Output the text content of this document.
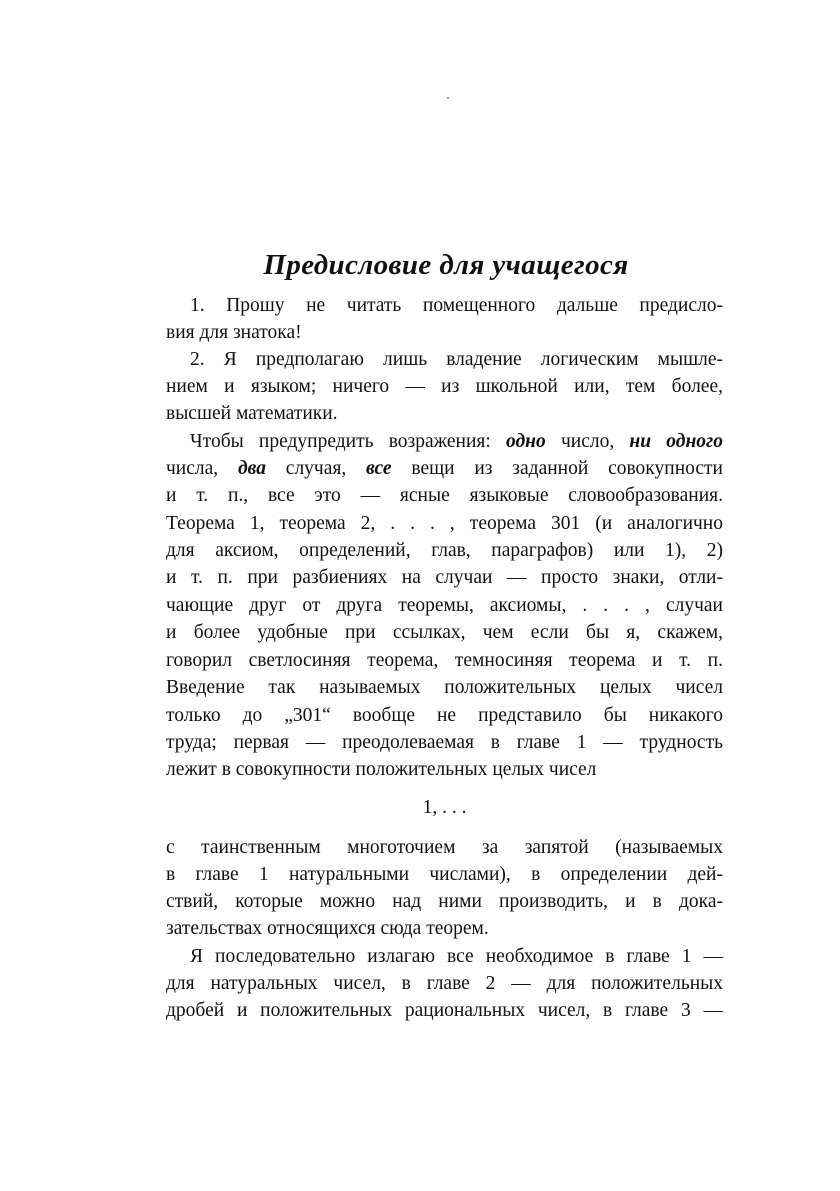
Предисловие для учащегося
1. Прошу не читать помещенного дальше предисло-
вия для знатока!
2. Я предполагаю лишь владение логическим мышле-
нием и языком; ничего — из школьной или, тем более,
высшей математики.
Чтобы предупредить возражения: одно число, ни одного
числа, два случая, все вещи из заданной совокупности
и т. п., все это — ясные языковые словообразования.
Теорема 1, теорема 2, . . . , теорема 301 (и аналогично
для аксиом, определений, глав, параграфов) или 1), 2)
и т. п. при разбиениях на случаи — просто знаки, отли-
чающие друг от друга теоремы, аксиомы, . . . , случаи
и более удобные при ссылках, чем если бы я, скажем,
говорил светлосиняя теорема, темносиняя теорема и т. п.
Введение так называемых положительных целых чисел
только до „301“ вообще не представило бы никакого
труда; первая — преодолеваемая в главе 1 — трудность
лежит в совокупности положительных целых чисел
1, . . .
с таинственным многоточием за запятой (называемых
в главе 1 натуральными числами), в определении дей-
ствий, которые можно над ними производить, и в дока-
зательствах относящихся сюда теорем.
Я последовательно излагаю все необходимое в главе 1 —
для натуральных чисел, в главе 2 — для положительных
дробей и положительных рациональных чисел, в главе 3 —
